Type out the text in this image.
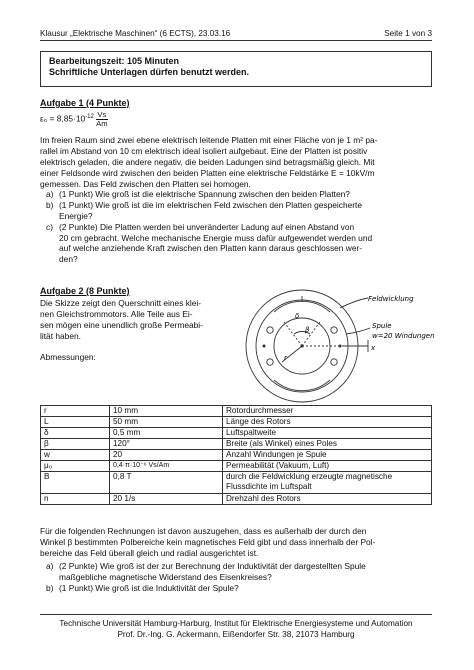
Klausur „Elektrische Maschinen“ (6 ECTS), 23.03.16	Seite 1 von 3
Bearbeitungszeit: 105 Minuten
Schriftliche Unterlagen dürfen benutzt werden.
Aufgabe 1 (4 Punkte)
$\varepsilon_0 = 8,85\cdot 10^{-12} \frac{Vs}{Am}$
Im freien Raum sind zwei ebene elektrisch leitende Platten mit einer Fläche von je 1 m² pa-
rallel im Abstand von 10 cm elektrisch ideal isoliert aufgebaut. Eine der Platten ist positiv
elektrisch geladen, die andere negativ, die beiden Ladungen sind betragsmäßig gleich. Mit
einer Feldsonde wird zwischen den beiden Platten eine elektrische Feldstärke E = 10kV/m
gemessen. Das Feld zwischen den Platten sei homogen.
a) (1 Punkt) Wie groß ist die elektrische Spannung zwischen den beiden Platten?
b) (1 Punkt) Wie groß ist die im elektrischen Feld zwischen den Platten gespeicherte
Energie?
c) (2 Punkte) Die Platten werden bei unveränderter Ladung auf einen Abstand von
20 cm gebracht. Welche mechanische Energie muss dafür aufgewendet werden und
auf welche anziehende Kraft zwischen den Platten kann daraus geschlossen wer-
den?
Aufgabe 2 (8 Punkte)
Die Skizze zeigt den Querschnitt eines klei-
nen Gleichstrommotors. Alle Teile aus Ei-
sen mögen eine unendlich große Permeabi-
lität haben.
Abmessungen:
δ
β
r
x
Feldwicklung
Spule
w=20 Windungen
r	10 mm	Rotordurchmesser
L	50 mm	Länge des Rotors
δ	0,5 mm	Luftspaltweite
β	120°	Breite (als Winkel) eines Poles
w	20	Anzahl Windungen je Spule
μ₀	0,4·π·10⁻⁶ Vs/Am	Permeabilität (Vakuum, Luft)
B	0,8 T	durch die Feldwicklung erzeugte magnetische
Flussdichte im Luftspalt
n	20 1/s	Drehzahl des Rotors
Für die folgenden Rechnungen ist davon auszugehen, dass es außerhalb der durch den
Winkel β bestimmten Polbereiche kein magnetisches Feld gibt und dass innerhalb der Pol-
bereiche das Feld überall gleich und radial ausgerichtet ist.
a) (2 Punkte) Wie groß ist der zur Berechnung der Induktivität der dargestellten Spule
maßgebliche magnetische Widerstand des Eisenkreises?
b) (1 Punkt) Wie groß ist die Induktivität der Spule?
Technische Universität Hamburg-Harburg, Institut für Elektrische Energiesysteme und Automation
Prof. Dr.-Ing. G. Ackermann, Eißendorfer Str. 38, 21073 Hamburg
